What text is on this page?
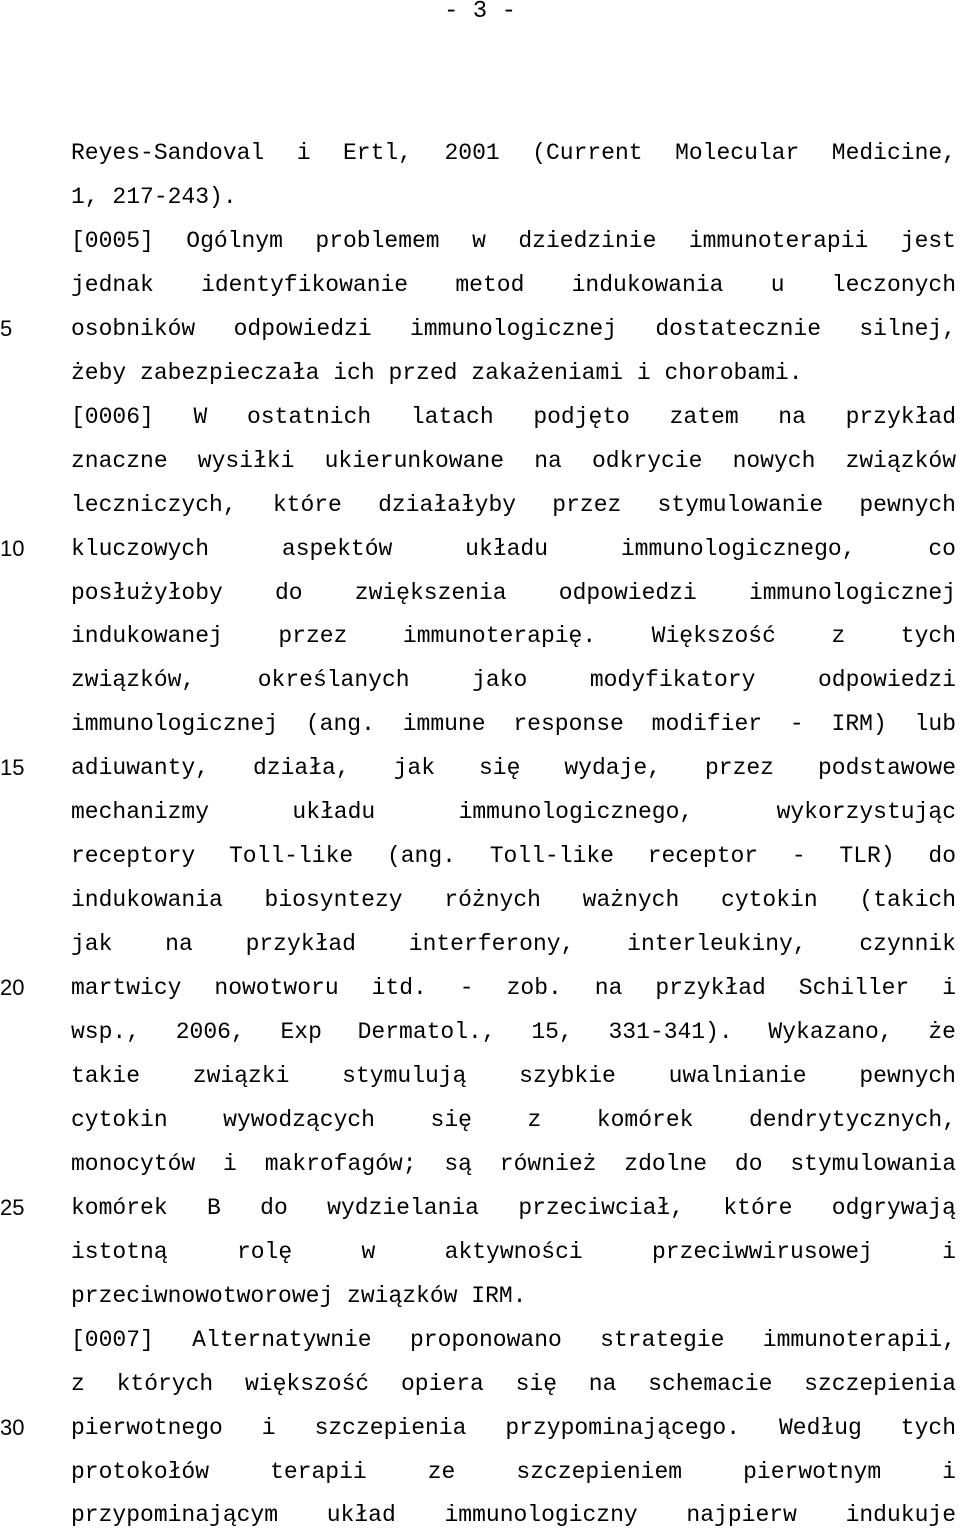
- 3 -
Reyes-Sandoval i Ertl, 2001 (Current Molecular Medicine,
1, 217-243).
[0005] Ogólnym problemem w dziedzinie immunoterapii jest
jednak identyfikowanie metod indukowania u leczonych
osobników odpowiedzi immunologicznej dostatecznie silnej,
żeby zabezpieczała ich przed zakażeniami i chorobami.
[0006] W ostatnich latach podjęto zatem na przykład
znaczne wysiłki ukierunkowane na odkrycie nowych związków
leczniczych, które działałyby przez stymulowanie pewnych
kluczowych aspektów układu immunologicznego, co
posłużyłoby do zwiększenia odpowiedzi immunologicznej
indukowanej przez immunoterapię. Większość z tych
związków, określanych jako modyfikatory odpowiedzi
immunologicznej (ang. immune response modifier - IRM) lub
adiuwanty, działa, jak się wydaje, przez podstawowe
mechanizmy układu immunologicznego, wykorzystując
receptory Toll-like (ang. Toll-like receptor - TLR) do
indukowania biosyntezy różnych ważnych cytokin (takich
jak na przykład interferony, interleukiny, czynnik
martwicy nowotworu itd. - zob. na przykład Schiller i
wsp., 2006, Exp Dermatol., 15, 331-341). Wykazano, że
takie związki stymulują szybkie uwalnianie pewnych
cytokin wywodzących się z komórek dendrytycznych,
monocytów i makrofagów; są również zdolne do stymulowania
komórek B do wydzielania przeciwciał, które odgrywają
istotną rolę w aktywności przeciwwirusowej i
przeciwnowotworowej związków IRM.
[0007] Alternatywnie proponowano strategie immunoterapii,
z których większość opiera się na schemacie szczepienia
pierwotnego i szczepienia przypominającego. Według tych
protokołów terapii ze szczepieniem pierwotnym i
przypominającym układ immunologiczny najpierw indukuje
5
10
15
20
25
30
